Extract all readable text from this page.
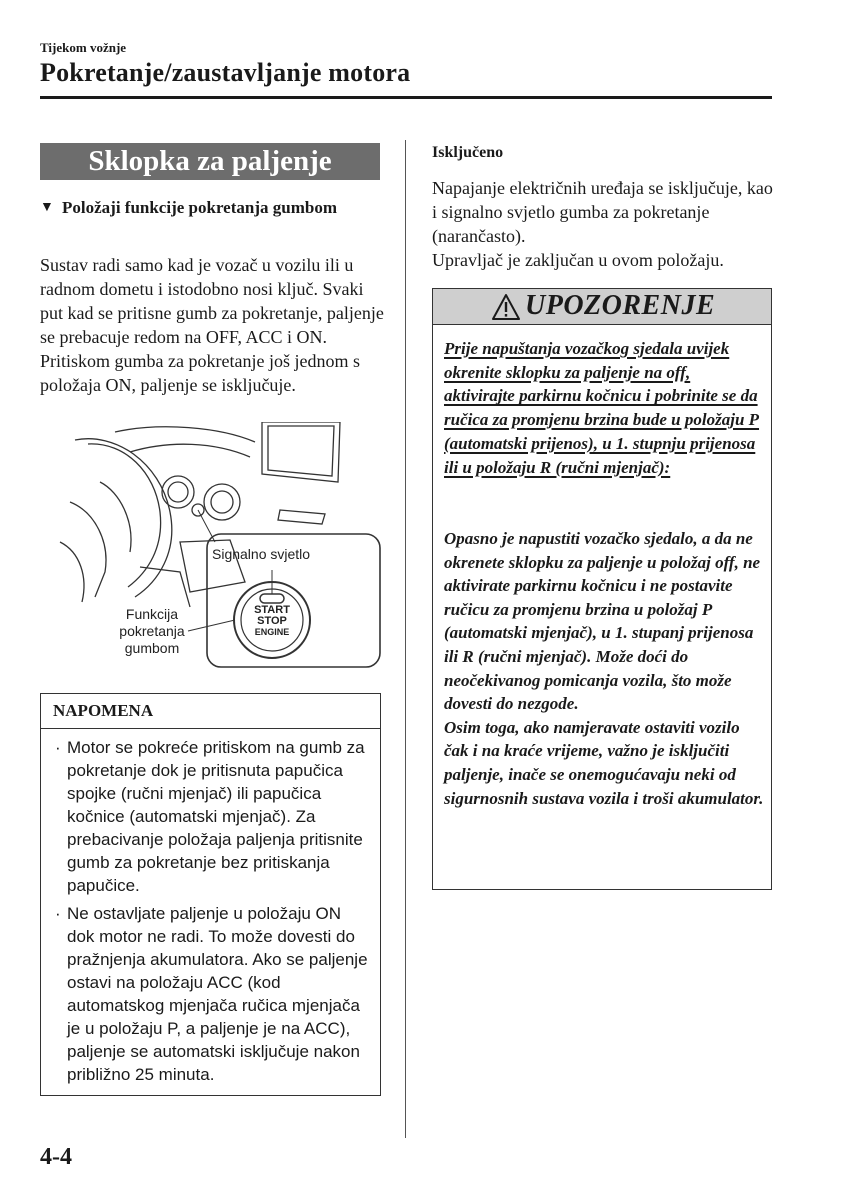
Tijekom vožnje
Pokretanje/zaustavljanje motora
Sklopka za paljenje
▼ Položaji funkcije pokretanja gumbom
Sustav radi samo kad je vozač u vozilu ili u radnom dometu i istodobno nosi ključ. Svaki put kad se pritisne gumb za pokretanje, paljenje se prebacuje redom na OFF, ACC i ON. Pritiskom gumba za pokretanje još jednom s položaja ON, paljenje se isključuje.
START
STOP
ENGINE
Signalno svjetlo
Funkcija pokretanja gumbom
NAPOMENA
· Motor se pokreće pritiskom na gumb za pokretanje dok je pritisnuta papučica spojke (ručni mjenjač) ili papučica kočnice (automatski mjenjač). Za prebacivanje položaja paljenja pritisnite gumb za pokretanje bez pritiskanja papučice.
· Ne ostavljate paljenje u položaju ON dok motor ne radi. To može dovesti do pražnjenja akumulatora. Ako se paljenje ostavi na položaju ACC (kod automatskog mjenjača ručica mjenjača je u položaju P, a paljenje je na ACC), paljenje se automatski isključuje nakon približno 25 minuta.
Isključeno

Napajanje električnih uređaja se isključuje, kao i signalno svjetlo gumba za pokretanje (narančasto).

Upravljač je zaključan u ovom položaju.

UPOZORENJE
Prije napuštanja vozačkog sjedala uvijek okrenite sklopku za paljenje na off, aktivirajte parkirnu kočnicu i pobrinite se da ručica za promjenu brzina bude u položaju P (automatski prijenos), u 1. stupnju prijenosa ili u položaju R (ručni mjenjač):

Opasno je napustiti vozačko sjedalo, a da ne okrenete sklopku za paljenje u položaj off, ne aktivirate parkirnu kočnicu i ne postavite ručicu za promjenu brzina u položaj P (automatski mjenjač), u 1. stupanj prijenosa ili R (ručni mjenjač). Može doći do neočekivanog pomicanja vozila, što može dovesti do nezgode.

Osim toga, ako namjeravate ostaviti vozilo čak i na kraće vrijeme, važno je isključiti paljenje, inače se onemogućavaju neki od sigurnosnih sustava vozila i troši akumulator.

4-4
